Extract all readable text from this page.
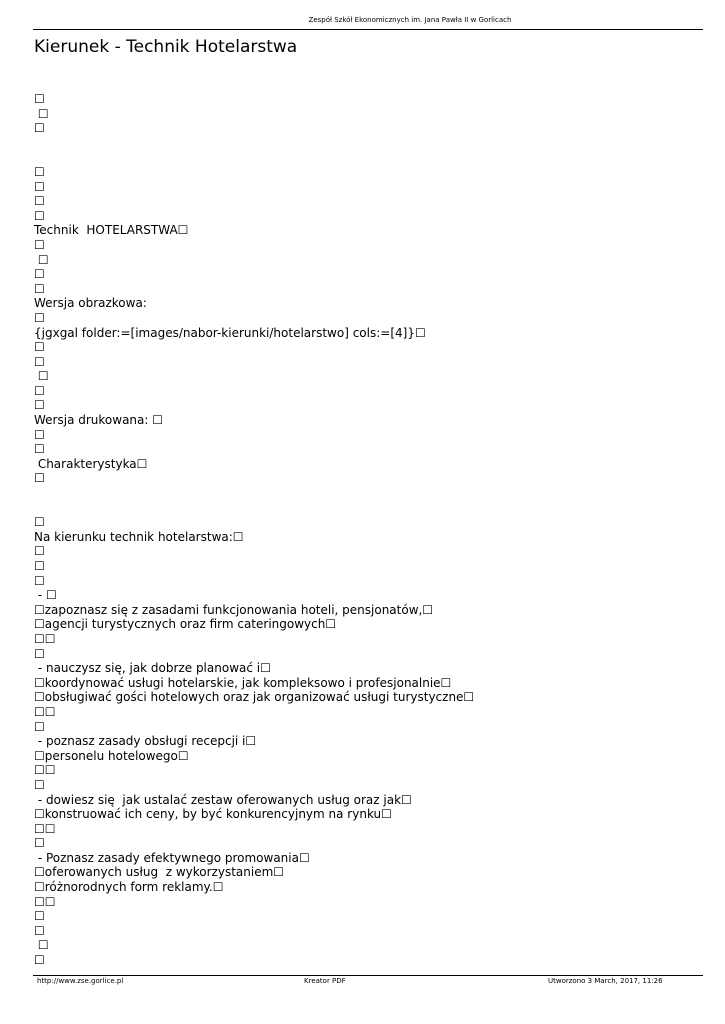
Zespół Szkół Ekonomicznych im. Jana Pawła II w Gorlicach
Kierunek - Technik Hotelarstwa
☐
☐
☐
☐
☐
☐
☐
Technik  HOTELARSTWA☐
☐
☐
☐
☐
Wersja obrazkowa:
☐
{jgxgal folder:=[images/nabor-kierunki/hotelarstwo] cols:=[4]}☐
☐
☐
☐
☐
☐
Wersja drukowana: ☐
☐
☐
Charakterystyka☐
☐
☐
Na kierunku technik hotelarstwa:☐
☐
☐
☐
- ☐
☐zapoznasz się z zasadami funkcjonowania hoteli, pensjonatów,☐
☐agencji turystycznych oraz firm cateringowych☐
☐☐
☐
- nauczysz się, jak dobrze planować i☐
☐koordynować usługi hotelarskie, jak kompleksowo i profesjonalnie☐
☐obsługiwać gości hotelowych oraz jak organizować usługi turystyczne☐
☐☐
☐
- poznasz zasady obsługi recepcji i☐
☐personelu hotelowego☐
☐☐
☐
- dowiesz się  jak ustalać zestaw oferowanych usług oraz jak☐
☐konstruować ich ceny, by być konkurencyjnym na rynku☐
☐☐
☐
- Poznasz zasady efektywnego promowania☐
☐oferowanych usług  z wykorzystaniem☐
☐różnorodnych form reklamy.☐
☐☐
☐
☐
☐
☐
http://www.zse.gorlice.pl	Kreator PDF	Utworzono 3 March, 2017, 11:26
